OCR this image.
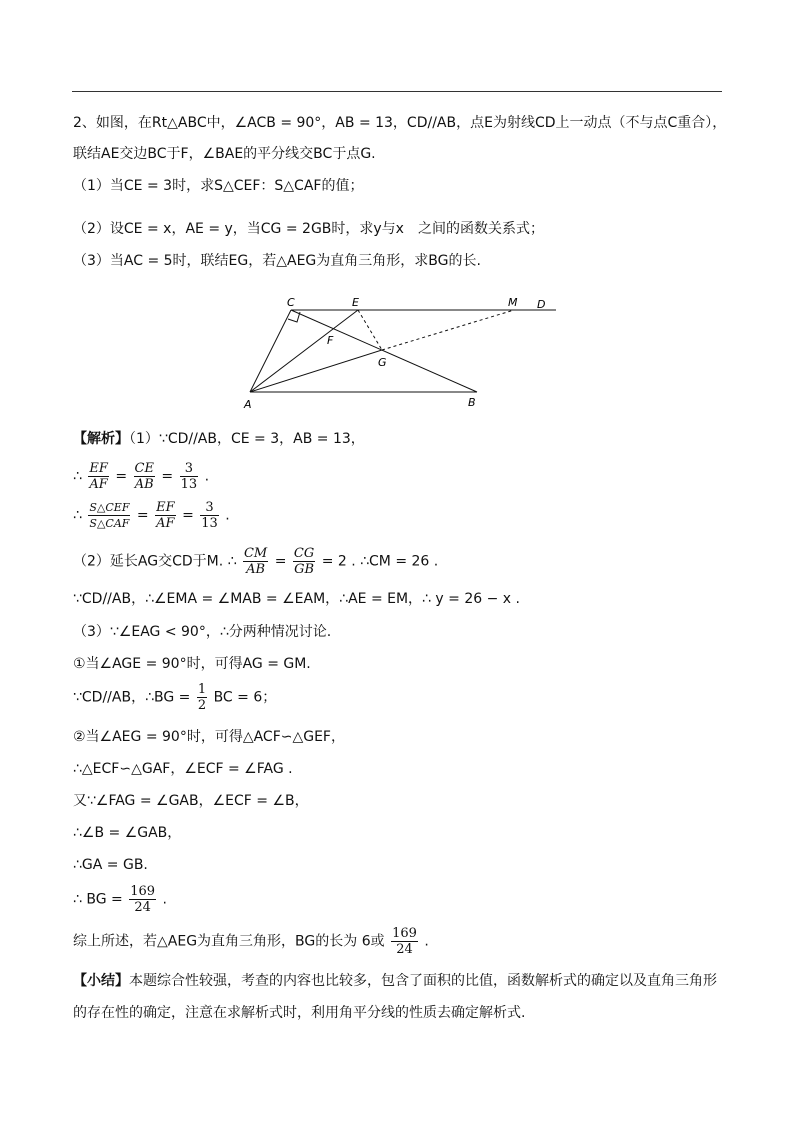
2、如图，在Rt△ABC中，∠ACB = 90°，AB = 13，CD//AB，点E为射线CD上一动点（不与点C重合），
联结AE交边BC于F，∠BAE的平分线交BC于点G.
（1）当CE = 3时，求S△CEF：S△CAF的值；
（2）设CE = x，AE = y，当CG = 2GB时，求y与x　之间的函数关系式；
（3）当AC = 5时，联结EG，若△AEG为直角三角形，求BG的长.
C	E	M D
F
G
A	B
【解析】（1）∵CD//AB，CE = 3，AB = 13，
∴ $\frac{EF}{AF} = \frac{CE}{AB} = \frac{3}{13}$ .
∴ $\frac{\text{S△CEF}}{\text{S△CAF}} = \frac{EF}{AF} = \frac{3}{13}$ .
（2）延长AG交CD于M. ∴ $\frac{CM}{AB} = \frac{CG}{GB} = 2$ . ∴CM = 26 .
∵CD//AB，∴∠EMA = ∠MAB = ∠EAM，∴AE = EM，∴ y = 26 − x .
（3）∵∠EAG < 90°，∴分两种情况讨论.
①当∠AGE = 90°时，可得AG = GM.
∵CD//AB，∴BG = $\frac{1}{2}$ BC = 6；
②当∠AEG = 90°时，可得△ACF∽△GEF，
∴△ECF∽△GAF，∠ECF = ∠FAG .
又∵∠FAG = ∠GAB，∠ECF = ∠B，
∴∠B = ∠GAB，
∴GA = GB.
∴ BG = $\frac{169}{24}$ .
综上所述，若△AEG为直角三角形，BG的长为 6或 $\frac{169}{24}$ .
【小结】本题综合性较强，考查的内容也比较多，包含了面积的比值，函数解析式的确定以及直角三角形
的存在性的确定，注意在求解析式时，利用角平分线的性质去确定解析式.
